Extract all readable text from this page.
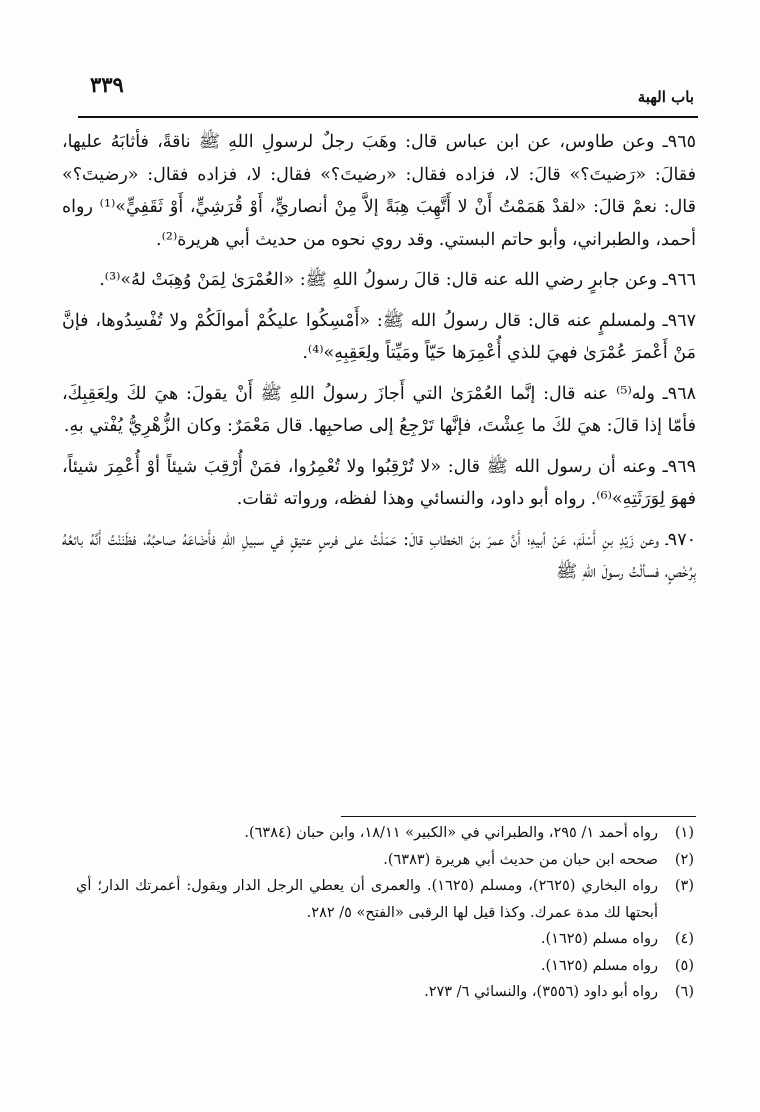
٣٣٩	باب الهبة

٩٦٥ـ وعن طاوس، عن ابن عباس قال: وهَبَ رجلٌ لرسولِ اللهِ ﷺ ناقةً، فأثابَهُ عليها، فقالَ: «رَضيتَ؟» قالَ: لا، فزاده فقال: «رضيتَ؟» فقال: لا، فزاده فقال: «رضيتَ؟» قال: نعمْ قالَ: «لقدْ هَمَمْتُ أَنْ لا أَتَّهِبَ هِبَةً إلاَّ مِنْ أنصاريٍّ، أَوْ قُرَشِيٍّ، أَوْ ثَقَفِيٍّ»⁽¹⁾ رواه أحمد، والطبراني، وأبو حاتم البستي. وقد روي نحوه من حديث أبي هريرة⁽²⁾.

٩٦٦ـ وعن جابرٍ رضي الله عنه قال: قالَ رسولُ اللهِ ﷺ: «العُمْرَىٰ لِمَنْ وُهِبَتْ لهُ»⁽³⁾.

٩٦٧ـ ولمسلمٍ عنه قال: قال رسولُ الله ﷺ: «أَمْسِكُوا عليكُمْ أموالَكُمْ ولا تُفْسِدُوها، فإنَّ مَنْ أَعْمرَ عُمْرَىٰ فهيَ للذي أُعْمِرَها حَيّاً ومَيِّتاً ولِعَقِبِهِ»⁽⁴⁾.

٩٦٨ـ وله⁽⁵⁾ عنه قال: إنَّما العُمْرَىٰ التي أَجازَ رسولُ اللهِ ﷺ أَنْ يقولَ: هيَ لكَ ولِعَقِبِكَ، فأمّا إذا قالَ: هيَ لكَ ما عِشْتَ، فإنَّها تَرْجِعُ إلى صاحبِها. قال مَعْمَرٌ: وكان الزُّهْرِيُّ يُفْتي بهِ.

٩٦٩ـ وعنه أن رسول الله ﷺ قال: «لا تُرْقِبُوا ولا تُعْمِرُوا، فمَنْ أُرْقِبَ شيئاً أوْ أُعْمِرَ شيئاً، فهوَ لِوَرَثَتِهِ»⁽⁶⁾. رواه أبو داود، والنسائي وهذا لفظه، ورواته ثقات.

٩٧٠ـ وعن زَيْدِ بنِ أَسْلَمَ، عَنْ أبيهِ؛ أَنَّ عمرَ بنَ الخطابِ قالَ: حَمَلْتُ على فرسٍ عتيقٍ في سبيلِ اللهِ فأَضَاعَهُ صاحبُهُ، فظَنَنْتُ أَنَّهُ بائعُهُ بِرُخْصٍ، فسألْتُ رسولَ اللهِ ﷺ

(١)
رواه أحمد ١/ ٢٩٥، والطبراني في «الكبير» ١٨/١١، وابن حبان (٦٣٨٤).
(٢)
صححه ابن حبان من حديث أبي هريرة (٦٣٨٣).
(٣)
رواه البخاري (٢٦٢٥)، ومسلم (١٦٢٥). والعمرى أن يعطي الرجل الدار ويقول: أعمرتك الدار؛ أي أبحتها لك مدة عمرك. وكذا قيل لها الرقبى «الفتح» ٥/ ٢٨٢.
(٤)
رواه مسلم (١٦٢٥).
(٥)
رواه مسلم (١٦٢٥).
(٦)
رواه أبو داود (٣٥٥٦)، والنسائي ٦/ ٢٧٣.
